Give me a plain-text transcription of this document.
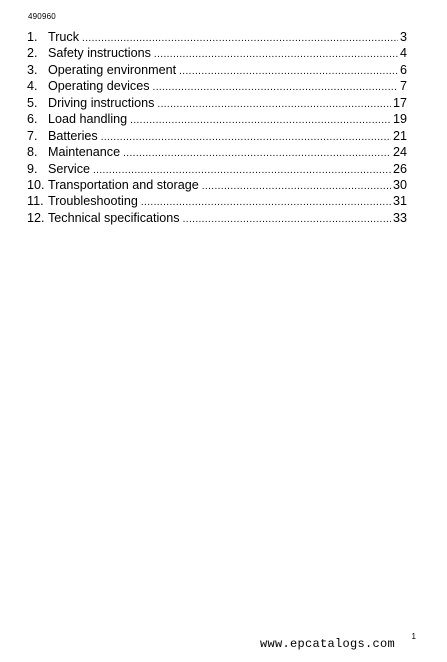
490960
1. Truck .....	3
2. Safety instructions .....	4
3. Operating environment .....	6
4. Operating devices .....	7
5. Driving instructions .....	17
6. Load handling .....	19
7. Batteries .....	21
8. Maintenance .....	24
9. Service .....	26
10. Transportation and storage .....	30
11. Troubleshooting .....	31
12. Technical specifications .....	33
www.epcatalogs.com
1
